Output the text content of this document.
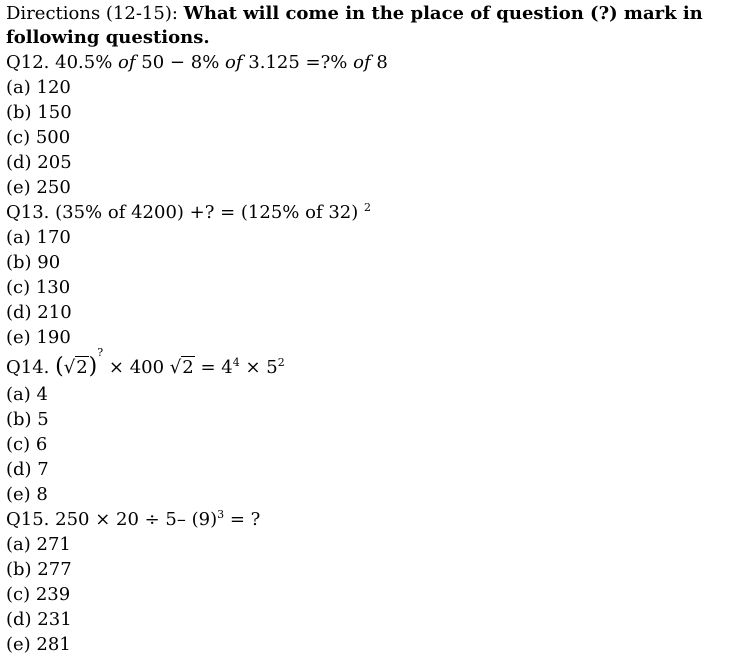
Directions (12-15): What will come in the place of question (?) mark in following questions.
Q12. 40.5% of 50 − 8% of 3.125 =?% of 8
(a) 120
(b) 150
(c) 500
(d) 205
(e) 250
Q13. (35% of 4200) +? = (125% of 32) $^2$
(a) 170
(b) 90
(c) 130
(d) 210
(e) 190
Q14. (√2)? × 400 $√2 = 4^4 \times 5^2$
(a) 4
(b) 5
(c) 6
(d) 7
(e) 8
Q15. 250 × 20 ÷ 5– $(9)^3$ = ?
(a) 271
(b) 277
(c) 239
(d) 231
(e) 281
